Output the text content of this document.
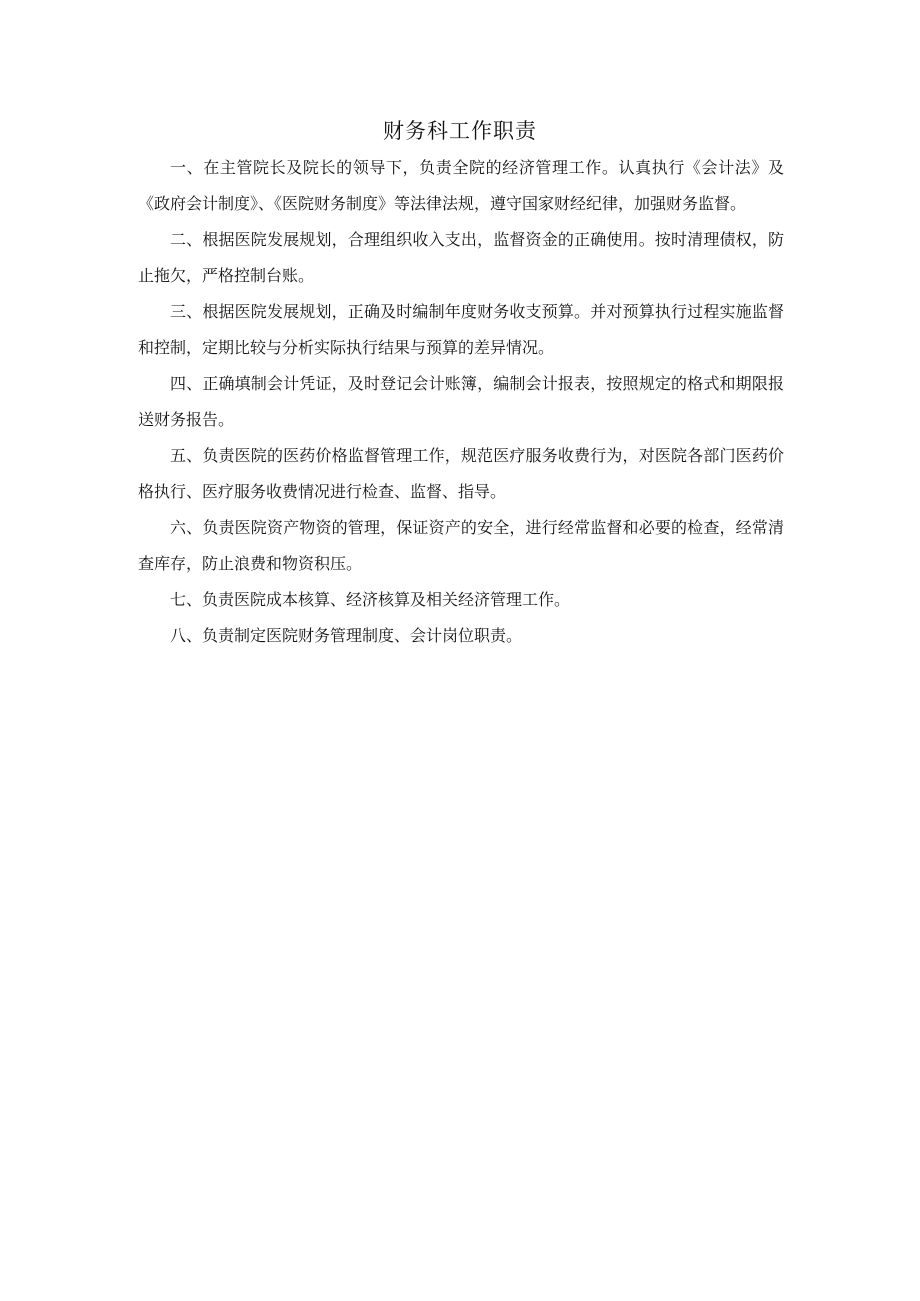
财务科工作职责

一、在主管院长及院长的领导下，负责全院的经济管理工作。认真执行《会计法》及《政府会计制度》、《医院财务制度》等法律法规，遵守国家财经纪律，加强财务监督。

二、根据医院发展规划，合理组织收入支出，监督资金的正确使用。按时清理债权，防止拖欠，严格控制台账。

三、根据医院发展规划，正确及时编制年度财务收支预算。并对预算执行过程实施监督和控制，定期比较与分析实际执行结果与预算的差异情况。

四、正确填制会计凭证，及时登记会计账簿，编制会计报表，按照规定的格式和期限报送财务报告。

五、负责医院的医药价格监督管理工作，规范医疗服务收费行为，对医院各部门医药价格执行、医疗服务收费情况进行检查、监督、指导。

六、负责医院资产物资的管理，保证资产的安全，进行经常监督和必要的检查，经常清查库存，防止浪费和物资积压。

七、负责医院成本核算、经济核算及相关经济管理工作。

八、负责制定医院财务管理制度、会计岗位职责。
